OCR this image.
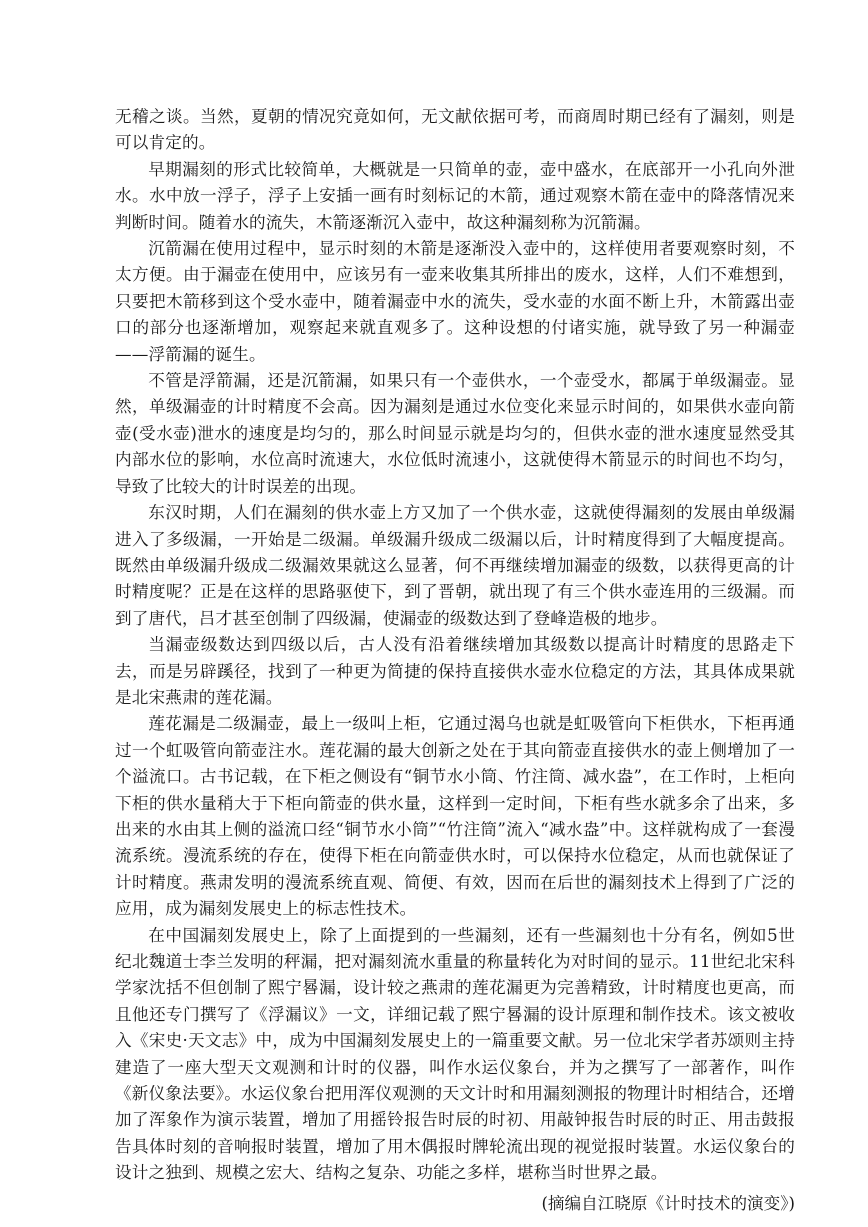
无稽之谈。当然，夏朝的情况究竟如何，无文献依据可考，而商周时期已经有了漏刻，则是可以肯定的。

早期漏刻的形式比较简单，大概就是一只简单的壶，壶中盛水，在底部开一小孔向外泄水。水中放一浮子，浮子上安插一画有时刻标记的木箭，通过观察木箭在壶中的降落情况来判断时间。随着水的流失，木箭逐渐沉入壶中，故这种漏刻称为沉箭漏。

沉箭漏在使用过程中，显示时刻的木箭是逐渐没入壶中的，这样使用者要观察时刻，不太方便。由于漏壶在使用中，应该另有一壶来收集其所排出的废水，这样，人们不难想到，只要把木箭移到这个受水壶中，随着漏壶中水的流失，受水壶的水面不断上升，木箭露出壶口的部分也逐渐增加，观察起来就直观多了。这种设想的付诸实施，就导致了另一种漏壶——浮箭漏的诞生。

不管是浮箭漏，还是沉箭漏，如果只有一个壶供水，一个壶受水，都属于单级漏壶。显然，单级漏壶的计时精度不会高。因为漏刻是通过水位变化来显示时间的，如果供水壶向箭壶(受水壶)泄水的速度是均匀的，那么时间显示就是均匀的，但供水壶的泄水速度显然受其内部水位的影响，水位高时流速大，水位低时流速小，这就使得木箭显示的时间也不均匀，导致了比较大的计时误差的出现。

东汉时期，人们在漏刻的供水壶上方又加了一个供水壶，这就使得漏刻的发展由单级漏进入了多级漏，一开始是二级漏。单级漏升级成二级漏以后，计时精度得到了大幅度提高。既然由单级漏升级成二级漏效果就这么显著，何不再继续增加漏壶的级数，以获得更高的计时精度呢？正是在这样的思路驱使下，到了晋朝，就出现了有三个供水壶连用的三级漏。而到了唐代，吕才甚至创制了四级漏，使漏壶的级数达到了登峰造极的地步。

当漏壶级数达到四级以后，古人没有沿着继续增加其级数以提高计时精度的思路走下去，而是另辟蹊径，找到了一种更为简捷的保持直接供水壶水位稳定的方法，其具体成果就是北宋燕肃的莲花漏。

莲花漏是二级漏壶，最上一级叫上柜，它通过渴乌也就是虹吸管向下柜供水，下柜再通过一个虹吸管向箭壶注水。莲花漏的最大创新之处在于其向箭壶直接供水的壶上侧增加了一个溢流口。古书记载，在下柜之侧设有“铜节水小筒、竹注筒、减水盎”，在工作时，上柜向下柜的供水量稍大于下柜向箭壶的供水量，这样到一定时间，下柜有些水就多余了出来，多出来的水由其上侧的溢流口经“铜节水小筒”“竹注筒”流入“减水盎”中。这样就构成了一套漫流系统。漫流系统的存在，使得下柜在向箭壶供水时，可以保持水位稳定，从而也就保证了计时精度。燕肃发明的漫流系统直观、简便、有效，因而在后世的漏刻技术上得到了广泛的应用，成为漏刻发展史上的标志性技术。

在中国漏刻发展史上，除了上面提到的一些漏刻，还有一些漏刻也十分有名，例如5世纪北魏道士李兰发明的秤漏，把对漏刻流水重量的称量转化为对时间的显示。11世纪北宋科学家沈括不但创制了熙宁晷漏，设计较之燕肃的莲花漏更为完善精致，计时精度也更高，而且他还专门撰写了《浮漏议》一文，详细记载了熙宁晷漏的设计原理和制作技术。该文被收入《宋史·天文志》中，成为中国漏刻发展史上的一篇重要文献。另一位北宋学者苏颂则主持建造了一座大型天文观测和计时的仪器，叫作水运仪象台，并为之撰写了一部著作，叫作《新仪象法要》。水运仪象台把用浑仪观测的天文计时和用漏刻测报的物理计时相结合，还增加了浑象作为演示装置，增加了用摇铃报告时辰的时初、用敲钟报告时辰的时正、用击鼓报告具体时刻的音响报时装置，增加了用木偶报时牌轮流出现的视觉报时装置。水运仪象台的设计之独到、规模之宏大、结构之复杂、功能之多样，堪称当时世界之最。

(摘编自江晓原《计时技术的演变》)
